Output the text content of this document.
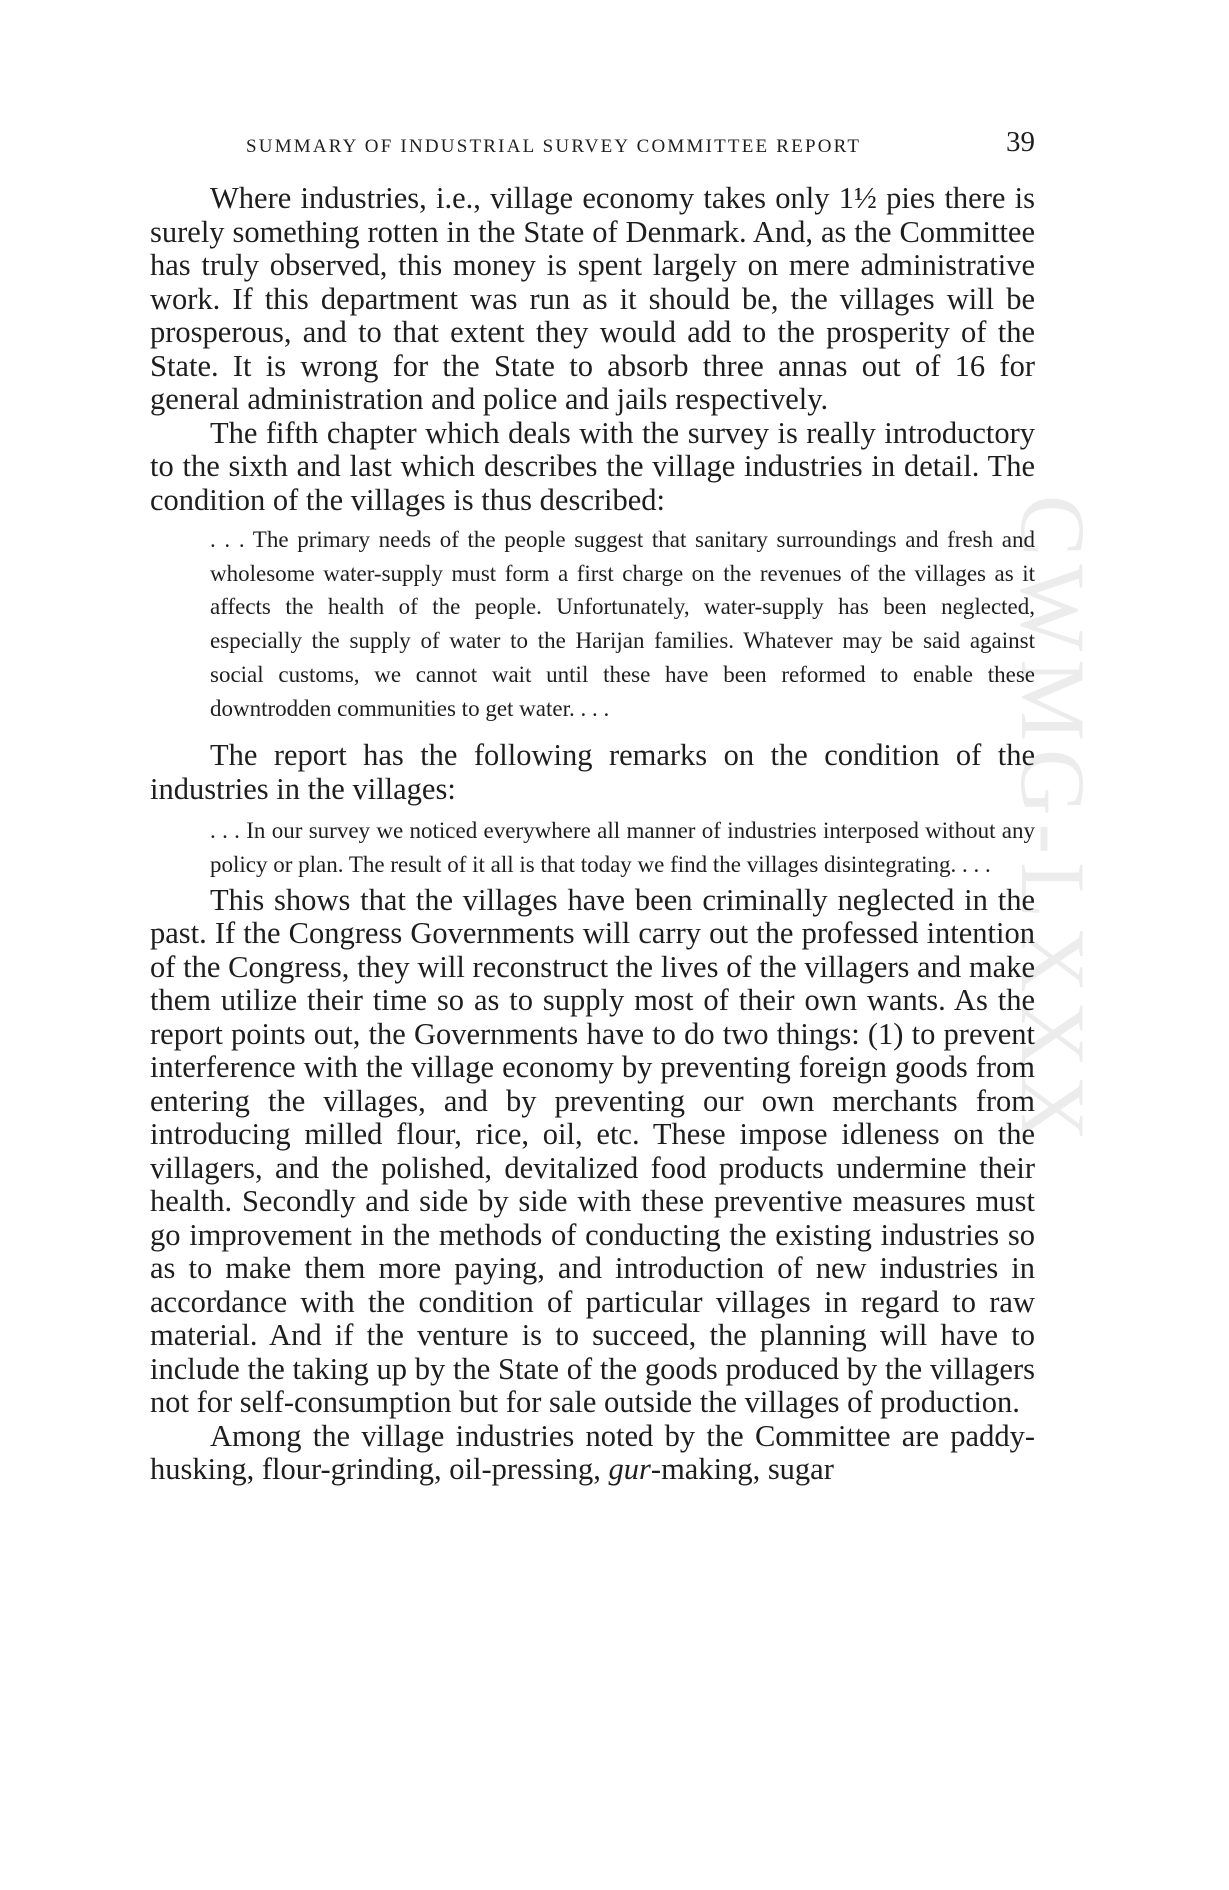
CWMG-LXXX
SUMMARY OF INDUSTRIAL SURVEY COMMITTEE REPORT	39

Where industries, i.e., village economy takes only 1½ pies there is surely something rotten in the State of Denmark. And, as the Committee has truly observed, this money is spent largely on mere administrative work. If this department was run as it should be, the villages will be prosperous, and to that extent they would add to the prosperity of the State. It is wrong for the State to absorb three annas out of 16 for general administration and police and jails respectively.

The fifth chapter which deals with the survey is really introductory to the sixth and last which describes the village industries in detail. The condition of the villages is thus described:

. . . The primary needs of the people suggest that sanitary surroundings and fresh and wholesome water-supply must form a first charge on the revenues of the villages as it affects the health of the people. Unfortunately, water-supply has been neglected, especially the supply of water to the Harijan families. Whatever may be said against social customs, we cannot wait until these have been reformed to enable these downtrodden communities to get water. . . .

The report has the following remarks on the condition of the industries in the villages:

. . . In our survey we noticed everywhere all manner of industries interposed without any policy or plan. The result of it all is that today we find the villages disintegrating. . . .

This shows that the villages have been criminally neglected in the past. If the Congress Governments will carry out the professed intention of the Congress, they will reconstruct the lives of the villagers and make them utilize their time so as to supply most of their own wants. As the report points out, the Governments have to do two things: (1) to prevent interference with the village economy by preventing foreign goods from entering the villages, and by preventing our own merchants from introducing milled flour, rice, oil, etc. These impose idleness on the villagers, and the polished, devitalized food products undermine their health. Secondly and side by side with these preventive measures must go improvement in the methods of conducting the existing industries so as to make them more paying, and introduction of new industries in accordance with the condition of particular villages in regard to raw material. And if the venture is to succeed, the planning will have to include the taking up by the State of the goods produced by the villagers not for self-consumption but for sale outside the villages of production.

Among the village industries noted by the Committee are paddy-husking, flour-grinding, oil-pressing, gur-making, sugar
